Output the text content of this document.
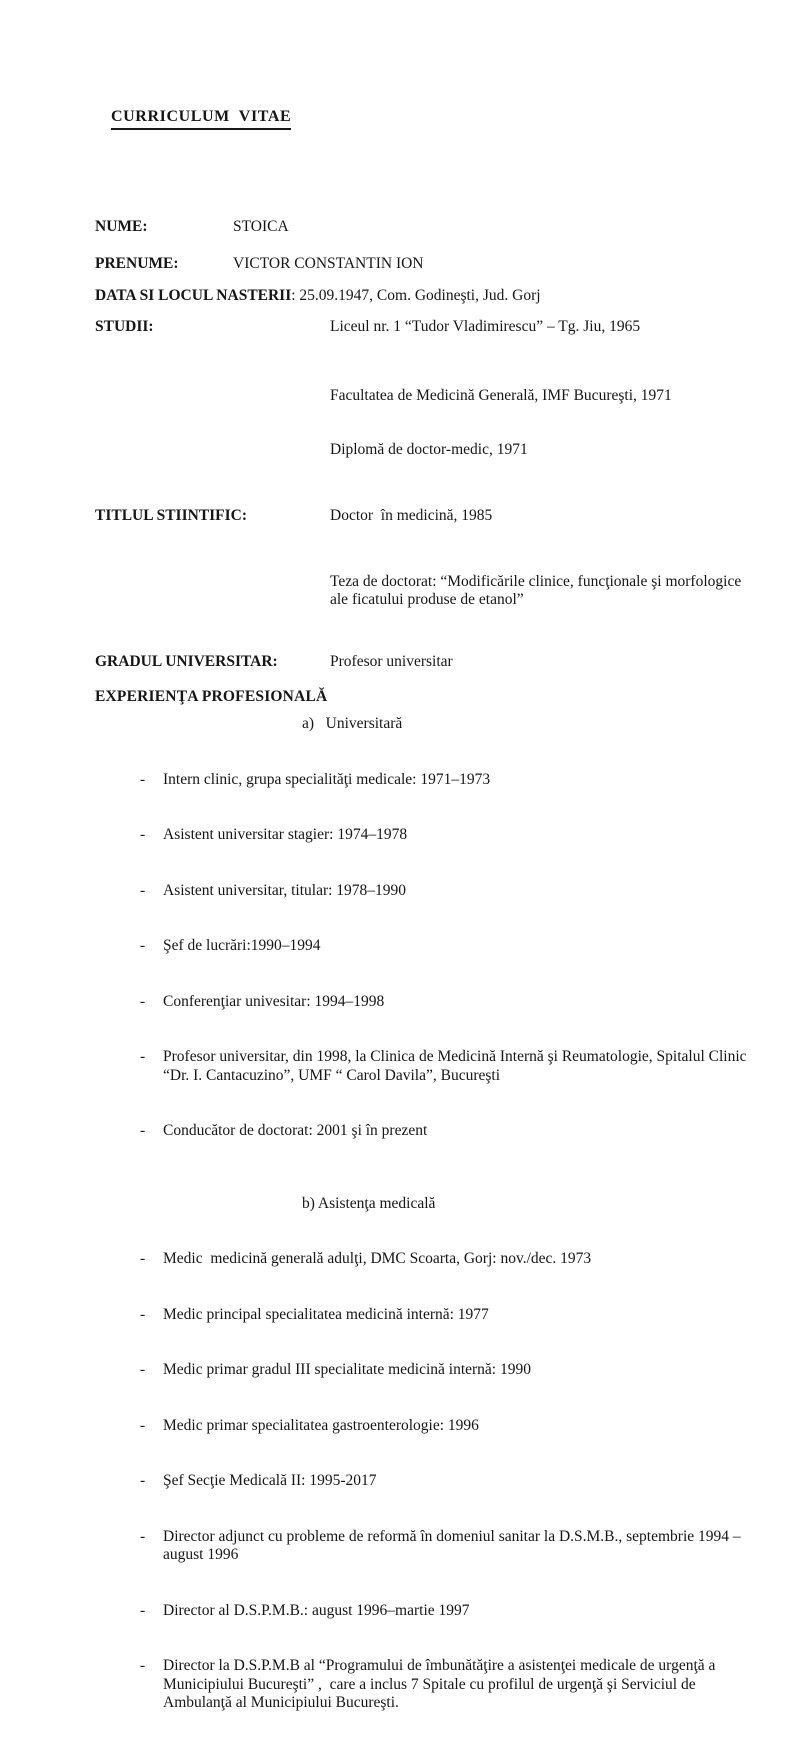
CURRICULUM  VITAE

NUME:	STOICA
PRENUME:	VICTOR CONSTANTIN ION
DATA SI LOCUL NASTERII : 25.09.1947, Com. Godineşti, Jud. Gorj
STUDII:	Liceul nr. 1 “Tudor Vladimirescu” – Tg. Jiu, 1965

Facultatea de Medicină Generală, IMF Bucureşti, 1971

Diplomă de doctor-medic, 1971

TITLUL STIINTIFIC:	Doctor  în medicină, 1985

Teza de doctorat: “Modificările clinice, funcţionale şi morfologice ale ficatului produse de etanol”

GRADUL UNIVERSITAR:	Profesor universitar
EXPERIENŢA PROFESIONALĂ
a)   Universitară

- Intern clinic, grupa specialităţi medicale: 1971–1973

- Asistent universitar stagier: 1974–1978

- Asistent universitar, titular: 1978–1990

- Şef de lucrări:1990–1994

- Conferenţiar univesitar: 1994–1998

- Profesor universitar, din 1998, la Clinica de Medicină Internă şi Reumatologie, Spitalul Clinic “Dr. I. Cantacuzino”, UMF “ Carol Davila”, Bucureşti

- Conducător de doctorat: 2001 şi în prezent

b) Asistenţa medicală

- Medic  medicină generală adulţi, DMC Scoarta, Gorj: nov./dec. 1973

- Medic principal specialitatea medicină internă: 1977

- Medic primar gradul III specialitate medicină internă: 1990

- Medic primar specialitatea gastroenterologie: 1996

- Şef Secţie Medicală II: 1995-2017

- Director adjunct cu probleme de reformă în domeniul sanitar la D.S.M.B., septembrie 1994 – august 1996

- Director al D.S.P.M.B.: august 1996–martie 1997

- Director la D.S.P.M.B al “Programului de îmbunătăţire a asistenţei medicale de urgenţă a Municipiului Bucureşti” ,  care a inclus 7 Spitale cu profilul de urgenţă şi Serviciul de Ambulanţă al Municipiului Bucureşti.
